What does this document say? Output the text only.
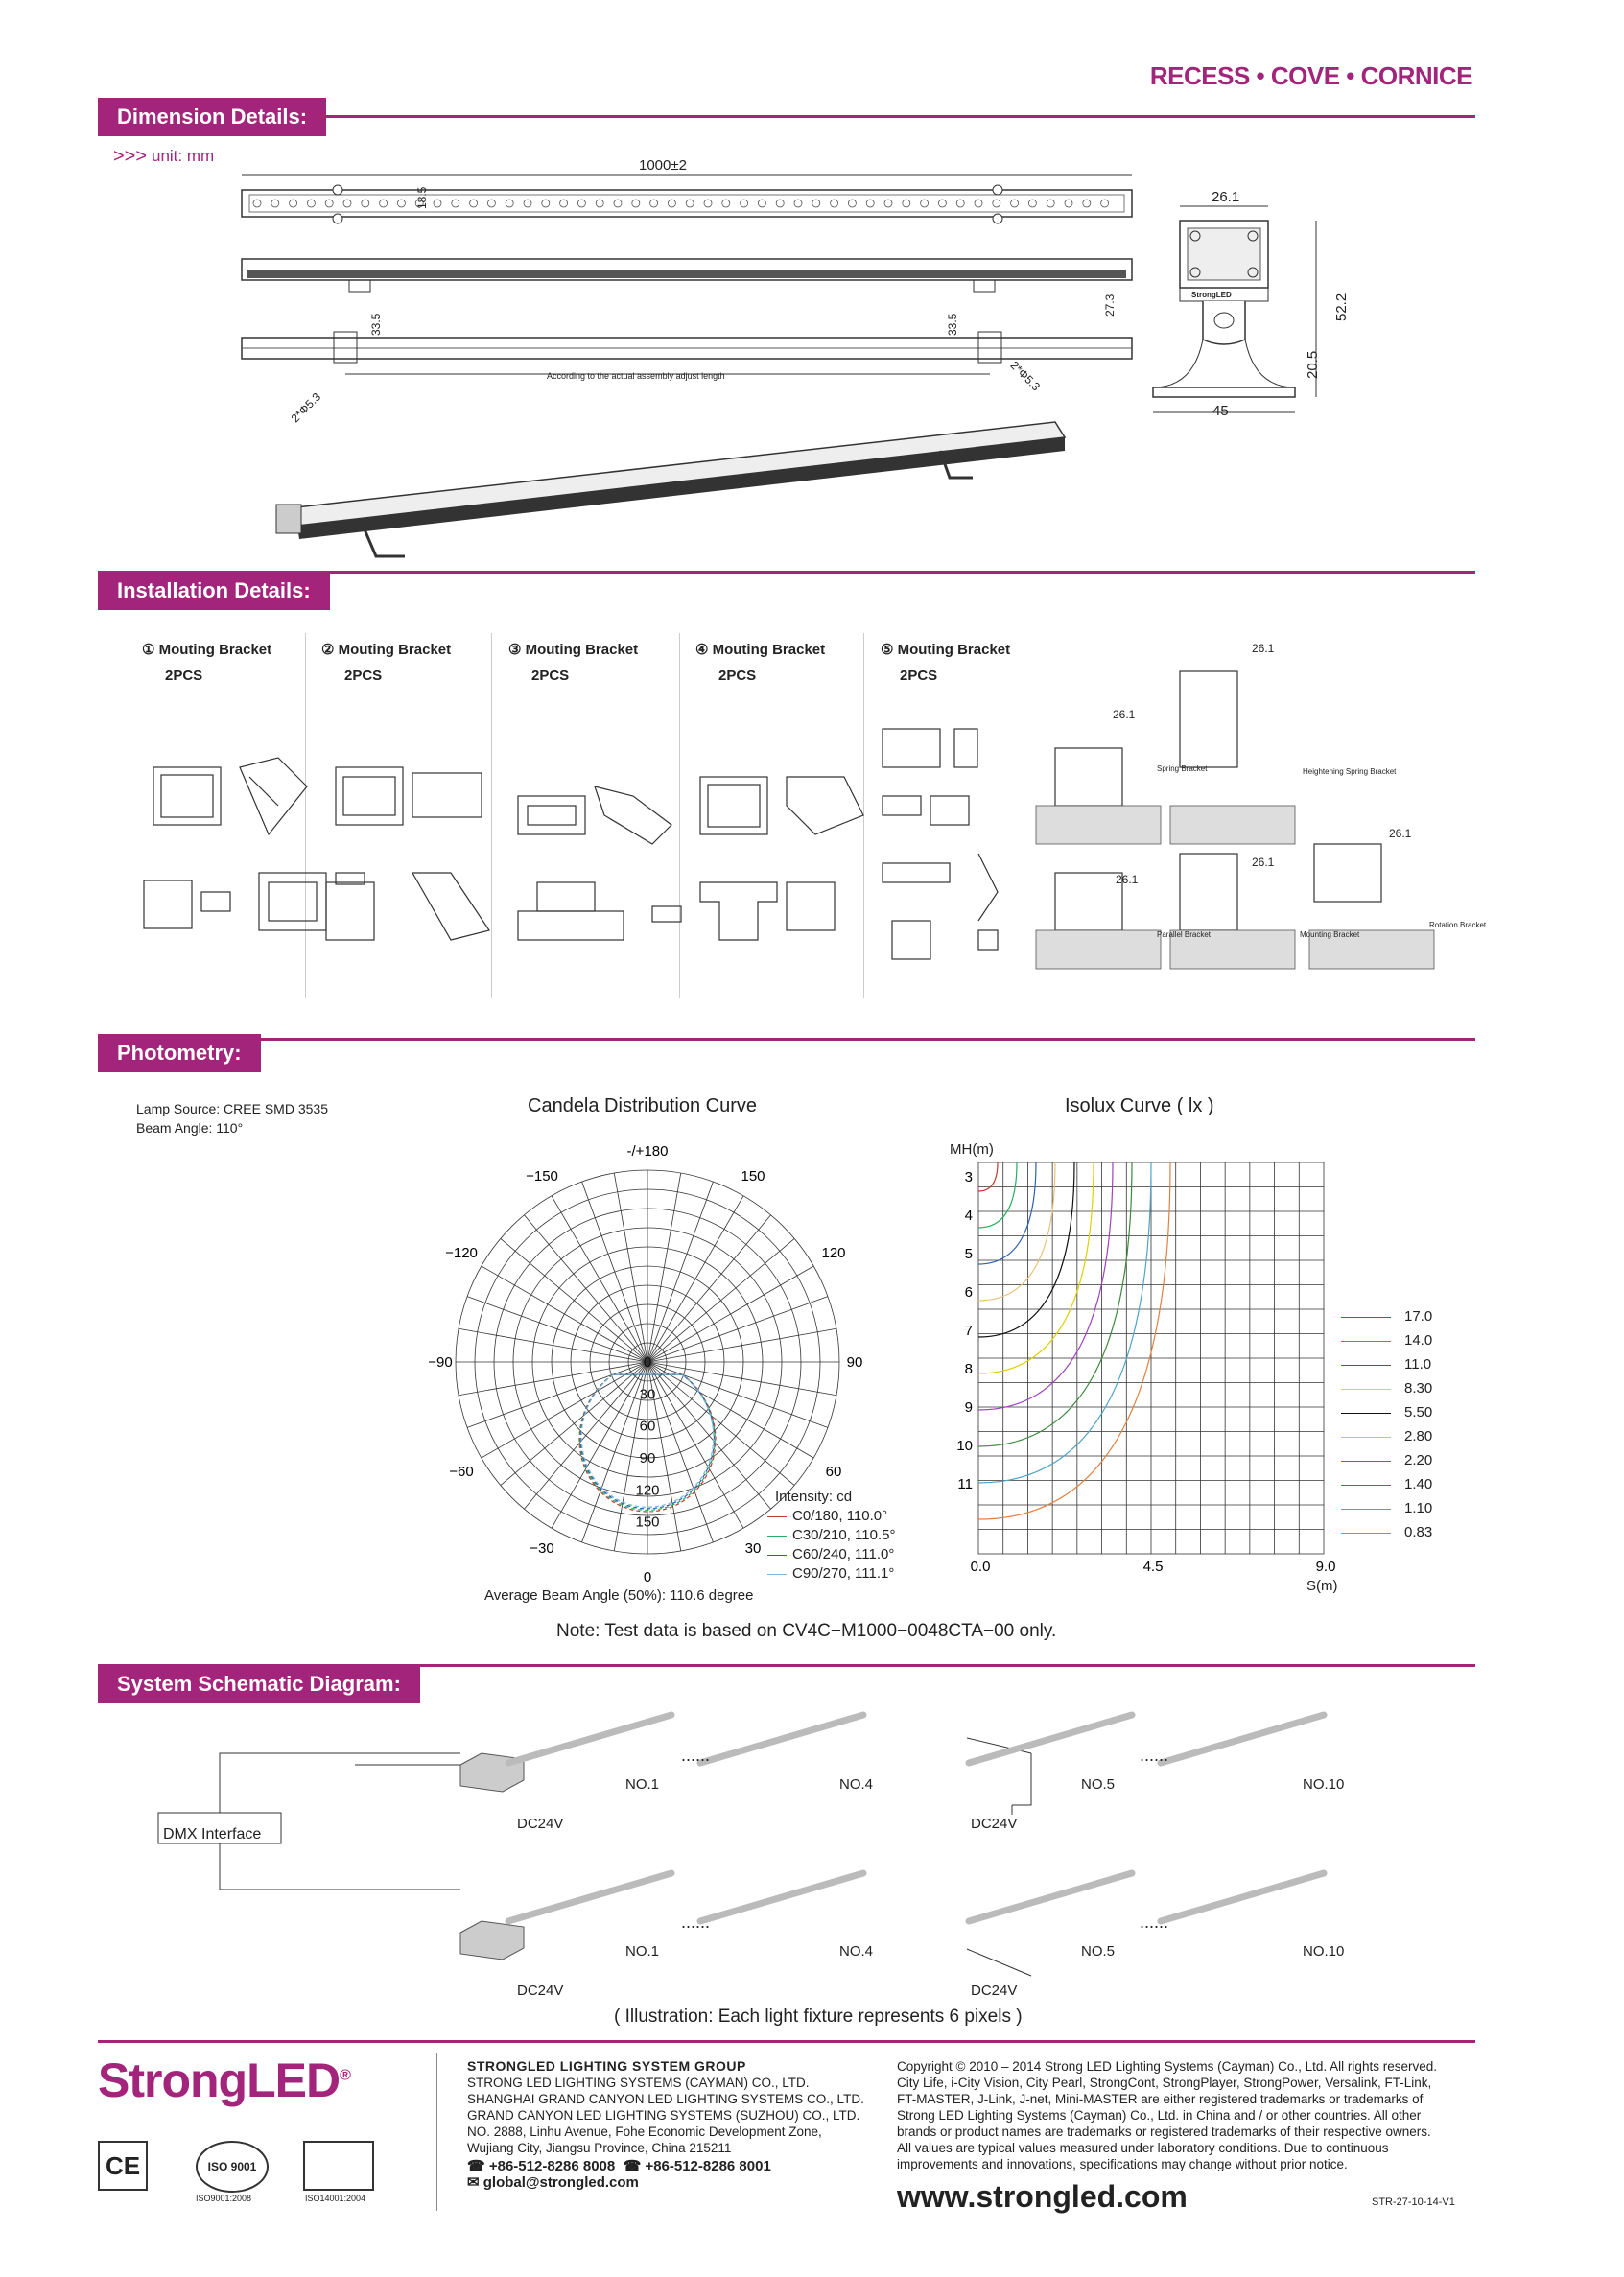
RECESS • COVE • CORNICE
Dimension Details:
>>> unit: mm
1000±2
18.5
33.5	33.5
27.3
2*Φ5.3
2*Φ5.3
According to the actual assembly adjust length
26.1
52.2
20.5
45
StrongLED
Installation Details:
① Mouting Bracket
2PCS
② Mouting Bracket
2PCS
③ Mouting Bracket
2PCS
④ Mouting Bracket
2PCS
⑤ Mouting Bracket
2PCS
Spring Bracket	Heightening Spring Bracket
Parallel Bracket	Mounting Bracket
Rotation Bracket
26.1
26.1
26.1
26.1
26.1
Photometry:
Lamp Source: CREE SMD 3535
Beam Angle: 110°
Candela Distribution Curve	Isolux Curve ( lx )
-/+180
−150	150
−120	120
−90	90
−60	60
−30	30
0
0
30
60
90
120
150
Intensity: cd
C0/180, 110.0°
C30/210, 110.5°
C60/240, 111.0°
C90/270, 111.1°
Average Beam Angle (50%): 110.6 degree
MH(m)
3
4
5
6
7
8
9
10
11
0.0	4.5	9.0
S(m)
17.0
14.0
11.0
8.30
5.50
2.80
2.20
1.40
1.10
0.83
Note: Test data is based on CV4C−M1000−0048CTA−00 only.
System Schematic Diagram:
DMX Interface
......	......
NO.1	NO.4	NO.5	NO.10
DC24V	DC24V
......	......
NO.1	NO.4	NO.5	NO.10
DC24V	DC24V
( Illustration: Each light fixture represents 6 pixels )
StrongLED®
CE	ISO 9001
ISO9001:2008	ISO14001:2004
STRONGLED LIGHTING SYSTEM GROUP
STRONG LED LIGHTING SYSTEMS (CAYMAN) CO., LTD.
SHANGHAI GRAND CANYON LED LIGHTING SYSTEMS CO., LTD.
GRAND CANYON LED LIGHTING SYSTEMS (SUZHOU) CO., LTD.
NO. 2888, Linhu Avenue, Fohe Economic Development Zone,
Wujiang City, Jiangsu Province, China 215211
☎ +86-512-8286 8008 ☎ +86-512-8286 8001
✉ global@strongled.com
Copyright © 2010 – 2014 Strong LED Lighting Systems (Cayman) Co., Ltd. All rights reserved.
City Life, i-City Vision, City Pearl, StrongCont, StrongPlayer, StrongPower, Versalink, FT-Link,
FT-MASTER, J-Link, J-net, Mini-MASTER are either registered trademarks or trademarks of
Strong LED Lighting Systems (Cayman) Co., Ltd. in China and / or other countries. All other
brands or product names are trademarks or registered trademarks of their respective owners.
All values are typical values measured under laboratory conditions. Due to continuous
improvements and innovations, specifications may change without prior notice.
www.strongled.com	STR-27-10-14-V1
